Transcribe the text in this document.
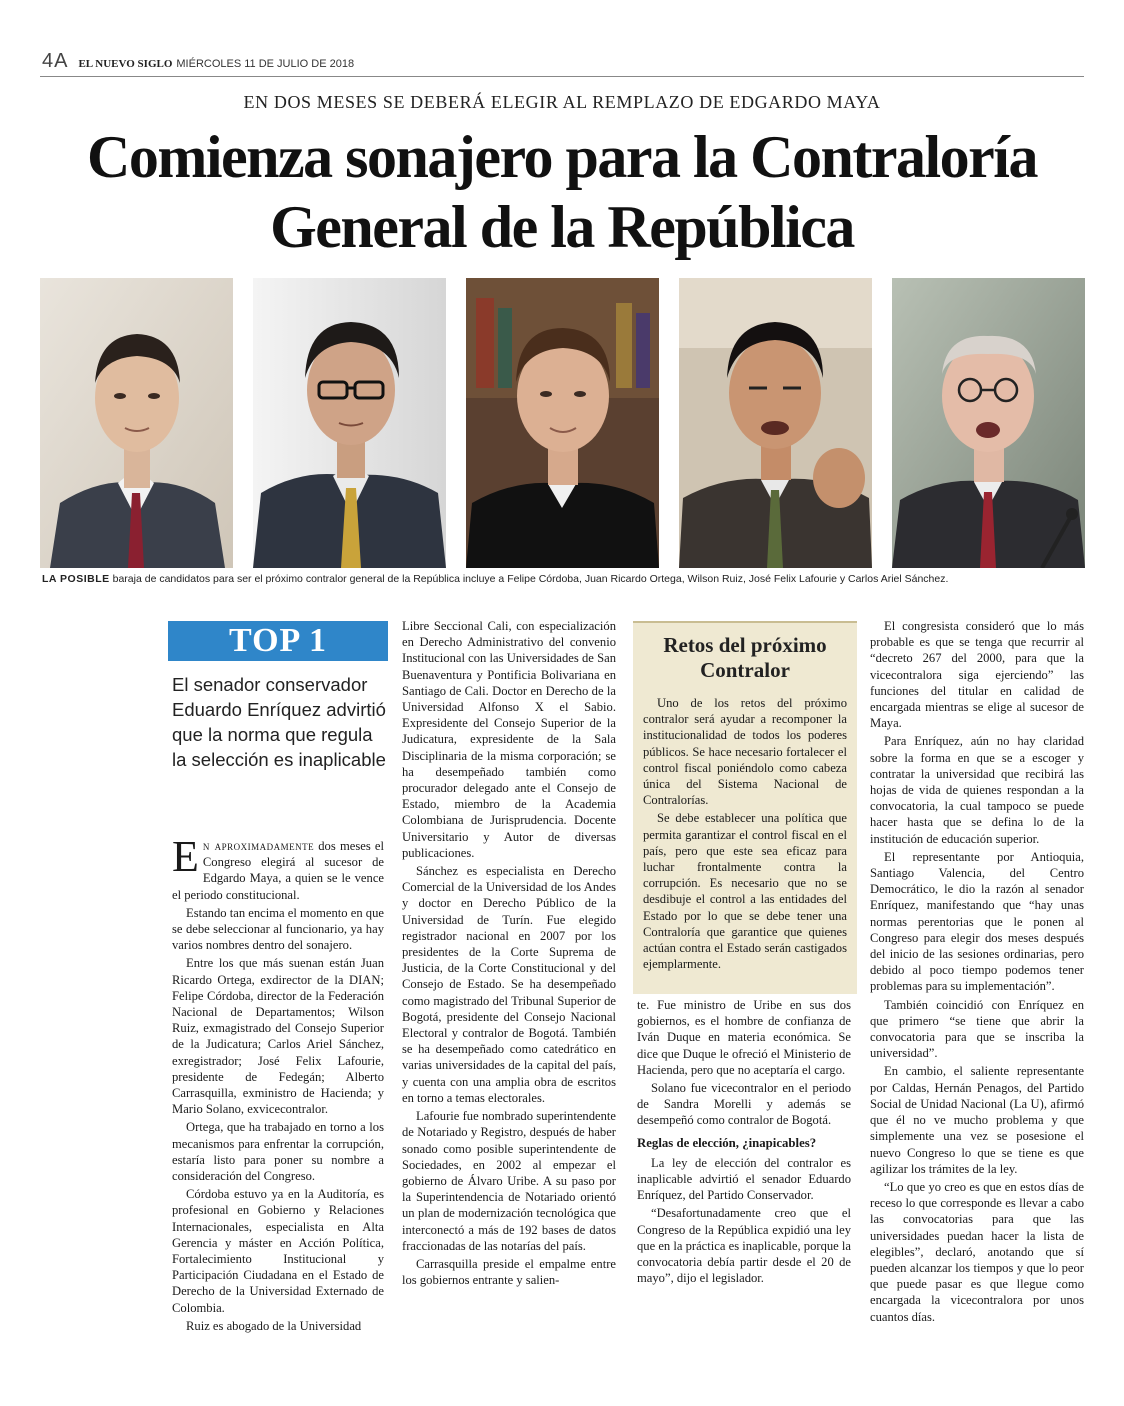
4A EL NUEVO SIGLO MIÉRCOLES 11 DE JULIO DE 2018
EN DOS MESES SE DEBERÁ ELEGIR AL REMPLAZO DE EDGARDO MAYA
Comienza sonajero para la Contraloría
General de la República
LA POSIBLE baraja de candidatos para ser el próximo contralor general de la República incluye a Felipe Córdoba, Juan Ricardo Ortega, Wilson Ruiz, José Felix Lafourie y Carlos Ariel Sánchez.
TOP 1
El senador conservador Eduardo Enríquez advirtió que la norma que regula la selección es inaplicable

En aproximadamente dos meses el Congreso elegirá al sucesor de Edgardo Maya, a quien se le vence el periodo constitucional.

Estando tan encima el momento en que se debe seleccionar al funcionario, ya hay varios nombres dentro del sonajero.

Entre los que más suenan están Juan Ricardo Ortega, exdirector de la DIAN; Felipe Córdoba, director de la Federación Nacional de Departamentos; Wilson Ruiz, exmagistrado del Consejo Superior de la Judicatura; Carlos Ariel Sánchez, exregistrador; José Felix Lafourie, presidente de Fedegán; Alberto Carrasquilla, exministro de Hacienda; y Mario Solano, exvicecontralor.

Ortega, que ha trabajado en torno a los mecanismos para enfrentar la corrupción, estaría listo para poner su nombre a consideración del Congreso.

Córdoba estuvo ya en la Auditoría, es profesional en Gobierno y Relaciones Internacionales, especialista en Alta Gerencia y máster en Acción Política, Fortalecimiento Institucional y Participación Ciudadana en el Estado de Derecho de la Universidad Externado de Colombia.

Ruiz es abogado de la Universidad

Libre Seccional Cali, con especialización en Derecho Administrativo del convenio Institucional con las Universidades de San Buenaventura y Pontificia Bolivariana en Santiago de Cali. Doctor en Derecho de la Universidad Alfonso X el Sabio. Expresidente del Consejo Superior de la Judicatura, expresidente de la Sala Disciplinaria de la misma corporación; se ha desempeñado también como procurador delegado ante el Consejo de Estado, miembro de la Academia Colombiana de Jurisprudencia. Docente Universitario y Autor de diversas publicaciones.

Sánchez es especialista en Derecho Comercial de la Universidad de los Andes y doctor en Derecho Público de la Universidad de Turín. Fue elegido registrador nacional en 2007 por los presidentes de la Corte Suprema de Justicia, de la Corte Constitucional y del Consejo de Estado. Se ha desempeñado como magistrado del Tribunal Superior de Bogotá, presidente del Consejo Nacional Electoral y contralor de Bogotá. También se ha desempeñado como catedrático en varias universidades de la capital del país, y cuenta con una amplia obra de escritos en torno a temas electorales.

Lafourie fue nombrado superintendente de Notariado y Registro, después de haber sonado como posible superintendente de Sociedades, en 2002 al empezar el gobierno de Álvaro Uribe. A su paso por la Superintendencia de Notariado orientó un plan de modernización tecnológica que interconectó a más de 192 bases de datos fraccionadas de las notarías del país.

Carrasquilla preside el empalme entre los gobiernos entrante y salien-

Retos del próximo Contralor

Uno de los retos del próximo contralor será ayudar a recomponer la institucionalidad de todos los poderes públicos. Se hace necesario fortalecer el control fiscal poniéndolo como cabeza única del Sistema Nacional de Contralorías.

Se debe establecer una política que permita garantizar el control fiscal en el país, pero que este sea eficaz para luchar frontalmente contra la corrupción. Es necesario que no se desdibuje el control a las entidades del Estado por lo que se debe tener una Contraloría que garantice que quienes actúan contra el Estado serán castigados ejemplarmente.

te. Fue ministro de Uribe en sus dos gobiernos, es el hombre de confianza de Iván Duque en materia económica. Se dice que Duque le ofreció el Ministerio de Hacienda, pero que no aceptaría el cargo.

Solano fue vicecontralor en el periodo de Sandra Morelli y además se desempeñó como contralor de Bogotá.

Reglas de elección, ¿inapicables?

La ley de elección del contralor es inaplicable advirtió el senador Eduardo Enríquez, del Partido Conservador.

“Desafortunadamente creo que el Congreso de la República expidió una ley que en la práctica es inaplicable, porque la convocatoria debía partir desde el 20 de mayo”, dijo el legislador.

El congresista consideró que lo más probable es que se tenga que recurrir al “decreto 267 del 2000, para que la vicecontralora siga ejerciendo” las funciones del titular en calidad de encargada mientras se elige al sucesor de Maya.

Para Enríquez, aún no hay claridad sobre la forma en que se a escoger y contratar la universidad que recibirá las hojas de vida de quienes respondan a la convocatoria, la cual tampoco se puede hacer hasta que se defina lo de la institución de educación superior.

El representante por Antioquia, Santiago Valencia, del Centro Democrático, le dio la razón al senador Enríquez, manifestando que “hay unas normas perentorias que le ponen al Congreso para elegir dos meses después del inicio de las sesiones ordinarias, pero debido al poco tiempo podemos tener problemas para su implementación”.

También coincidió con Enríquez en que primero “se tiene que abrir la convocatoria para que se inscriba la universidad”.

En cambio, el saliente representante por Caldas, Hernán Penagos, del Partido Social de Unidad Nacional (La U), afirmó que él no ve mucho problema y que simplemente una vez se posesione el nuevo Congreso lo que se tiene es que agilizar los trámites de la ley.

“Lo que yo creo es que en estos días de receso lo que corresponde es llevar a cabo las convocatorias para que las universidades puedan hacer la lista de elegibles”, declaró, anotando que sí pueden alcanzar los tiempos y que lo peor que puede pasar es que llegue como encargada la vicecontralora por unos cuantos días.
